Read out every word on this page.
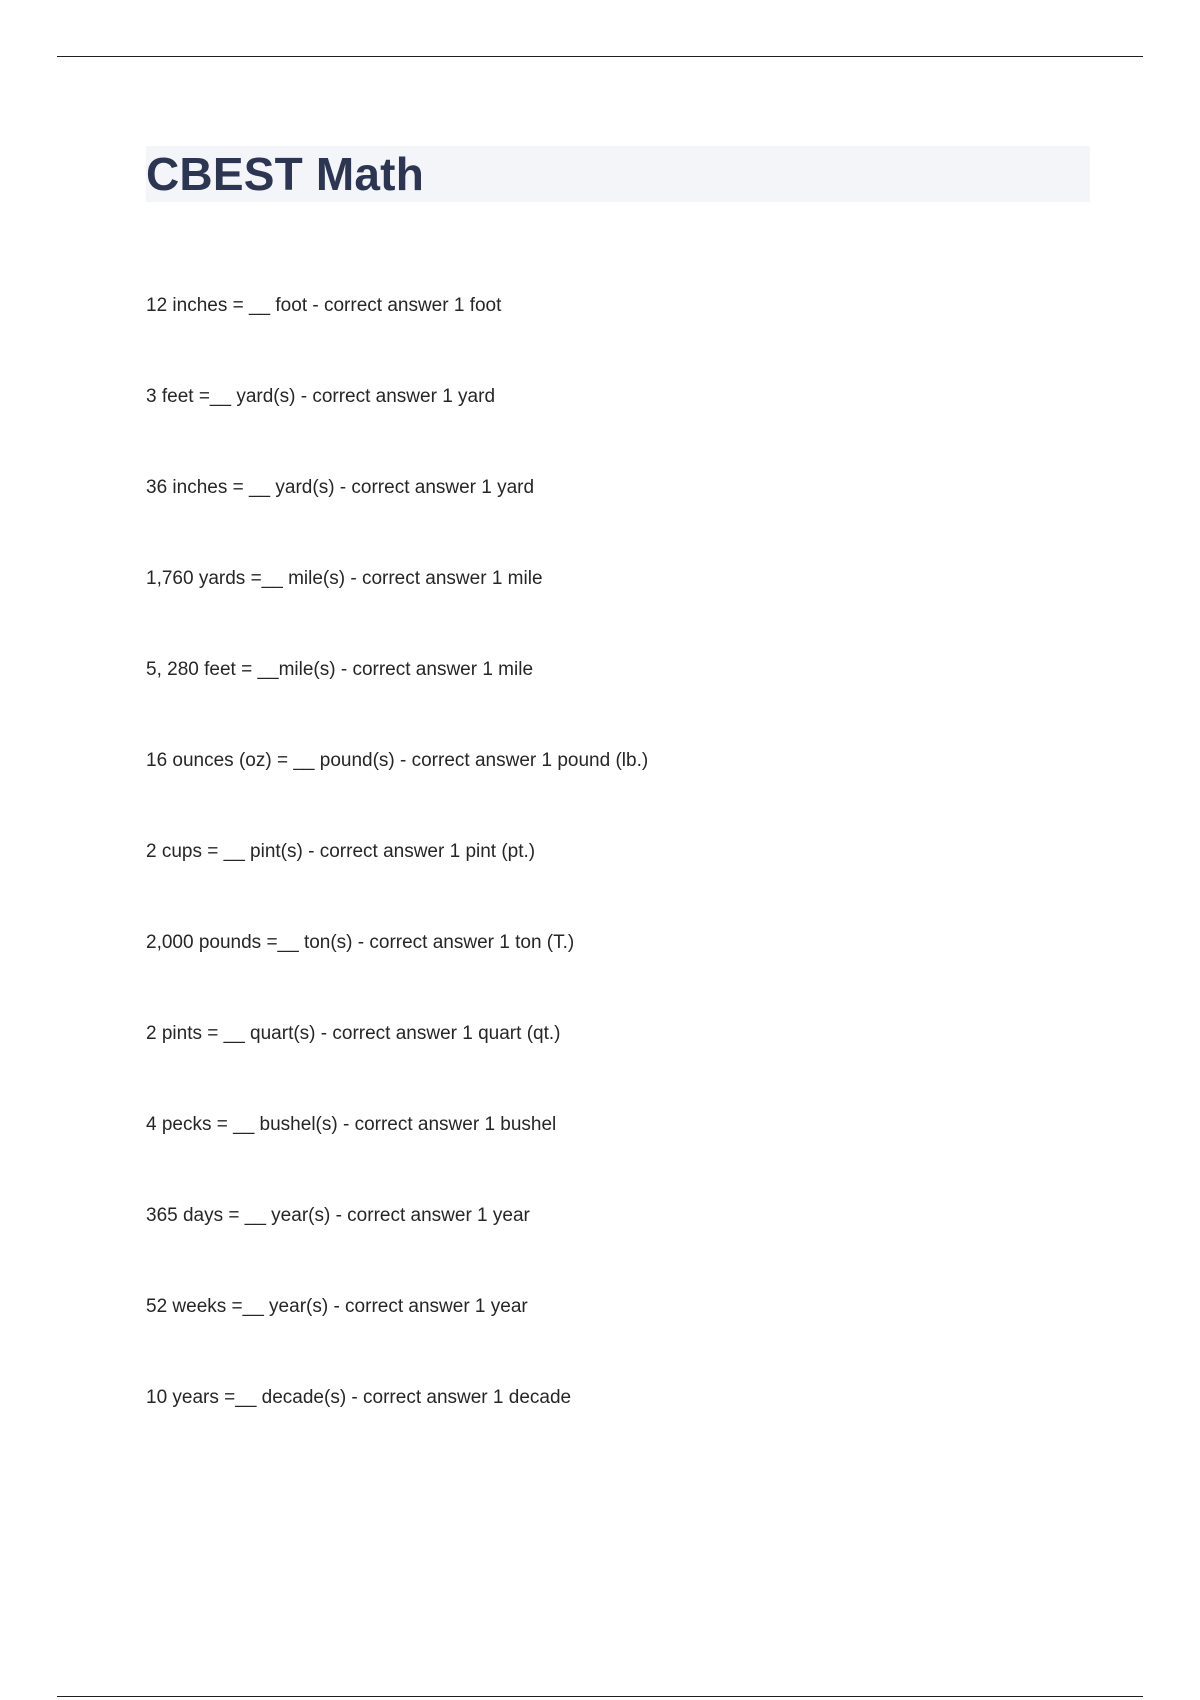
CBEST Math
12 inches = __ foot - correct answer 1 foot
3 feet =__ yard(s) - correct answer 1 yard
36 inches = __ yard(s) - correct answer 1 yard
1,760 yards =__ mile(s) - correct answer 1 mile
5, 280 feet = __mile(s) - correct answer 1 mile
16 ounces (oz) = __ pound(s) - correct answer 1 pound (lb.)
2 cups = __ pint(s) - correct answer 1 pint (pt.)
2,000 pounds =__ ton(s) - correct answer 1 ton (T.)
2 pints = __ quart(s) - correct answer 1 quart (qt.)
4 pecks = __ bushel(s) - correct answer 1 bushel
365 days = __ year(s) - correct answer 1 year
52 weeks =__ year(s) - correct answer 1 year
10 years =__ decade(s) - correct answer 1 decade
